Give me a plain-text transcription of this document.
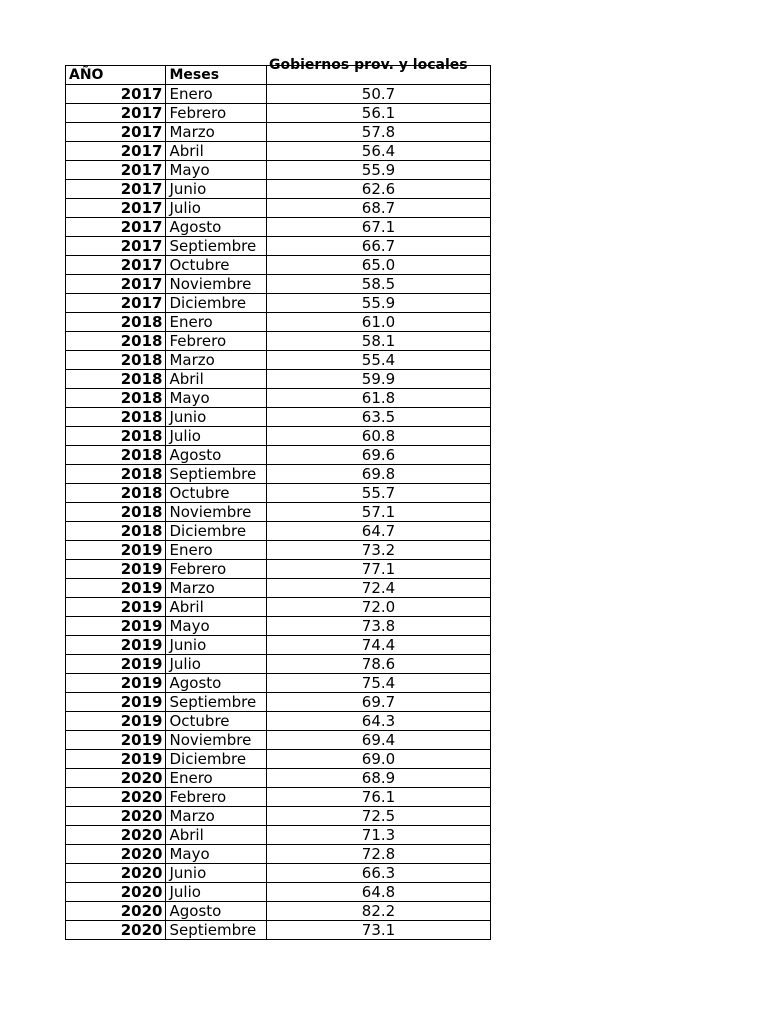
AÑO	Meses	Gobiernos prov. y locales

2017	Enero	50.7
2017	Febrero	56.1
2017	Marzo	57.8
2017	Abril	56.4
2017	Mayo	55.9
2017	Junio	62.6
2017	Julio	68.7
2017	Agosto	67.1
2017	Septiembre	66.7
2017	Octubre	65.0
2017	Noviembre	58.5
2017	Diciembre	55.9
2018	Enero	61.0
2018	Febrero	58.1
2018	Marzo	55.4
2018	Abril	59.9
2018	Mayo	61.8
2018	Junio	63.5
2018	Julio	60.8
2018	Agosto	69.6
2018	Septiembre	69.8
2018	Octubre	55.7
2018	Noviembre	57.1
2018	Diciembre	64.7
2019	Enero	73.2
2019	Febrero	77.1
2019	Marzo	72.4
2019	Abril	72.0
2019	Mayo	73.8
2019	Junio	74.4
2019	Julio	78.6
2019	Agosto	75.4
2019	Septiembre	69.7
2019	Octubre	64.3
2019	Noviembre	69.4
2019	Diciembre	69.0
2020	Enero	68.9
2020	Febrero	76.1
2020	Marzo	72.5
2020	Abril	71.3
2020	Mayo	72.8
2020	Junio	66.3
2020	Julio	64.8
2020	Agosto	82.2
2020	Septiembre	73.1
